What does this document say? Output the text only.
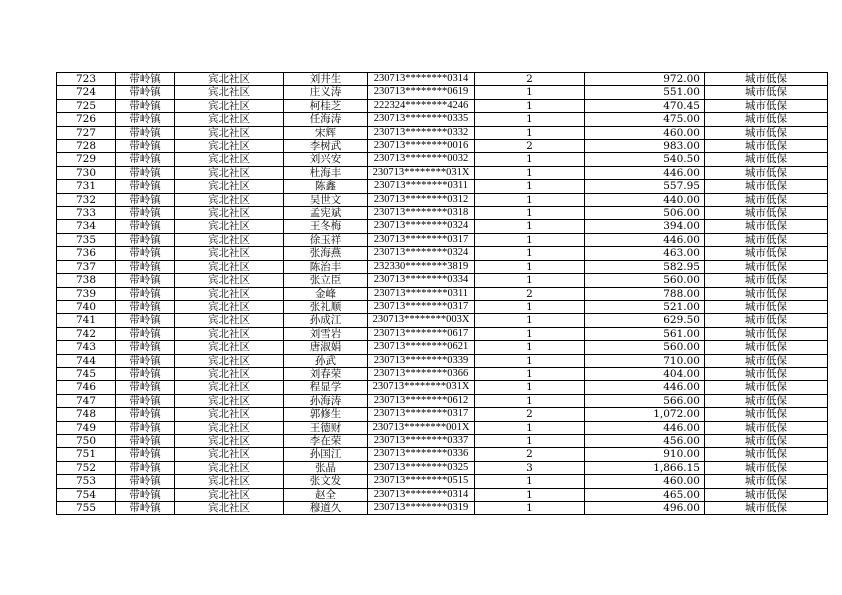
723	带岭镇	宾北社区	刘井生	230713********0314	2	972.00	城市低保
724	带岭镇	宾北社区	庄义涛	230713********0619	1	551.00	城市低保
725	带岭镇	宾北社区	柯桂芝	222324********4246	1	470.45	城市低保
726	带岭镇	宾北社区	任海涛	230713********0335	1	475.00	城市低保
727	带岭镇	宾北社区	宋辉	230713********0332	1	460.00	城市低保
728	带岭镇	宾北社区	李树武	230713********0016	2	983.00	城市低保
729	带岭镇	宾北社区	刘兴安	230713********0032	1	540.50	城市低保
730	带岭镇	宾北社区	杜海丰	230713********031X	1	446.00	城市低保
731	带岭镇	宾北社区	陈鑫	230713********0311	1	557.95	城市低保
732	带岭镇	宾北社区	吴世文	230713********0312	1	440.00	城市低保
733	带岭镇	宾北社区	孟宪斌	230713********0318	1	506.00	城市低保
734	带岭镇	宾北社区	王冬梅	230713********0324	1	394.00	城市低保
735	带岭镇	宾北社区	徐玉祥	230713********0317	1	446.00	城市低保
736	带岭镇	宾北社区	张海燕	230713********0324	1	463.00	城市低保
737	带岭镇	宾北社区	陈治丰	232330********3819	1	582.95	城市低保
738	带岭镇	宾北社区	张立臣	230713********0334	1	560.00	城市低保
739	带岭镇	宾北社区	金峰	230713********0311	2	788.00	城市低保
740	带岭镇	宾北社区	张礼顺	230713********0317	1	521.00	城市低保
741	带岭镇	宾北社区	孙成江	230713********003X	1	629.50	城市低保
742	带岭镇	宾北社区	刘雪岩	230713********0617	1	561.00	城市低保
743	带岭镇	宾北社区	唐淑娟	230713********0621	1	560.00	城市低保
744	带岭镇	宾北社区	孙武	230713********0339	1	710.00	城市低保
745	带岭镇	宾北社区	刘春荣	230713********0366	1	404.00	城市低保
746	带岭镇	宾北社区	程显学	230713********031X	1	446.00	城市低保
747	带岭镇	宾北社区	孙海涛	230713********0612	1	566.00	城市低保
748	带岭镇	宾北社区	郭修生	230713********0317	2	1,072.00	城市低保
749	带岭镇	宾北社区	王德财	230713********001X	1	446.00	城市低保
750	带岭镇	宾北社区	李在荣	230713********0337	1	456.00	城市低保
751	带岭镇	宾北社区	孙国江	230713********0336	2	910.00	城市低保
752	带岭镇	宾北社区	张晶	230713********0325	3	1,866.15	城市低保
753	带岭镇	宾北社区	张文发	230713********0515	1	460.00	城市低保
754	带岭镇	宾北社区	赵全	230713********0314	1	465.00	城市低保
755	带岭镇	宾北社区	穆道久	230713********0319	1	496.00	城市低保
